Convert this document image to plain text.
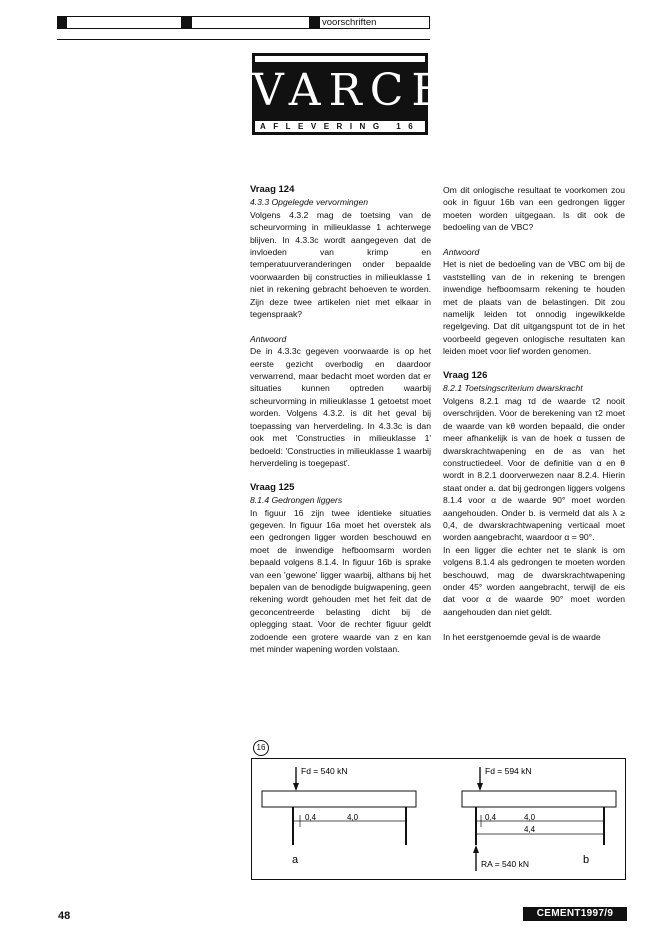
voorschriften
VARCE
AFLEVERING 16

Vraag 124

4.3.3 Opgelegde vervormingen

Volgens 4.3.2 mag de toetsing van de scheurvorming in milieuklasse 1 achterwege blijven. In 4.3.3c wordt aangegeven dat de invloeden van krimp en temperatuurveranderingen onder bepaalde voorwaarden bij constructies in milieuklasse 1 niet in rekening gebracht behoeven te worden. Zijn deze twee artikelen niet met elkaar in tegenspraak?

Antwoord

De in 4.3.3c gegeven voorwaarde is op het eerste gezicht overbodig en daardoor verwarrend, maar bedacht moet worden dat er situaties kunnen optreden waarbij scheurvorming in milieuklasse 1 getoetst moet worden. Volgens 4.3.2. is dit het geval bij toepassing van herverdeling. In 4.3.3c is dan ook met 'Constructies in milieuklasse 1' bedoeld: 'Constructies in milieuklasse 1 waarbij herverdeling is toegepast'.

Vraag 125

8.1.4 Gedrongen liggers

In figuur 16 zijn twee identieke situaties gegeven. In figuur 16a moet het overstek als een gedrongen ligger worden beschouwd en moet de inwendige hefboomsarm worden bepaald volgens 8.1.4. In figuur 16b is sprake van een 'gewone' ligger waarbij, althans bij het bepalen van de benodigde buigwapening, geen rekening wordt gehouden met het feit dat de geconcentreerde belasting dicht bij de oplegging staat. Voor de rechter figuur geldt zodoende een grotere waarde van z en kan met minder wapening worden volstaan.

Om dit onlogische resultaat te voorkomen zou ook in figuur 16b van een gedrongen ligger moeten worden uitgegaan. Is dit ook de bedoeling van de VBC?

Antwoord

Het is niet de bedoeling van de VBC om bij de vaststelling van de in rekening te brengen inwendige hefboomsarm rekening te houden met de plaats van de belastingen. Dit zou namelijk leiden tot onnodig ingewikkelde regelgeving. Dat dit uitgangspunt tot de in het voorbeeld gegeven onlogische resultaten kan leiden moet voor lief worden genomen.

Vraag 126

8.2.1 Toetsingscriterium dwarskracht

Volgens 8.2.1 mag τd de waarde τ2 nooit overschrijden. Voor de berekening van τ2 moet de waarde van kθ worden bepaald, die onder meer afhankelijk is van de hoek α tussen de dwarskrachtwapening en de as van het constructiedeel. Voor de definitie van α en θ wordt in 8.2.1 doorverwezen naar 8.2.4. Hierin staat onder a. dat bij gedrongen liggers volgens 8.1.4 voor α de waarde 90° moet worden aangehouden. Onder b. is vermeld dat als λ ≥ 0,4, de dwarskrachtwapening verticaal moet worden aangebracht, waardoor α = 90°.

In een ligger die echter net te slank is om volgens 8.1.4 als gedrongen te moeten worden beschouwd, mag de dwarskrachtwapening onder 45° worden aangebracht, terwijl de eis dat voor α de waarde 90° moet worden aangehouden dan niet geldt.

In het eerstgenoemde geval is de waarde

16
Fd = 540 kN
0,4	4,0
a
Fd = 594 kN
0,4	4,0
4,4
RA = 540 kN	b
48	CEMENT1997/9
